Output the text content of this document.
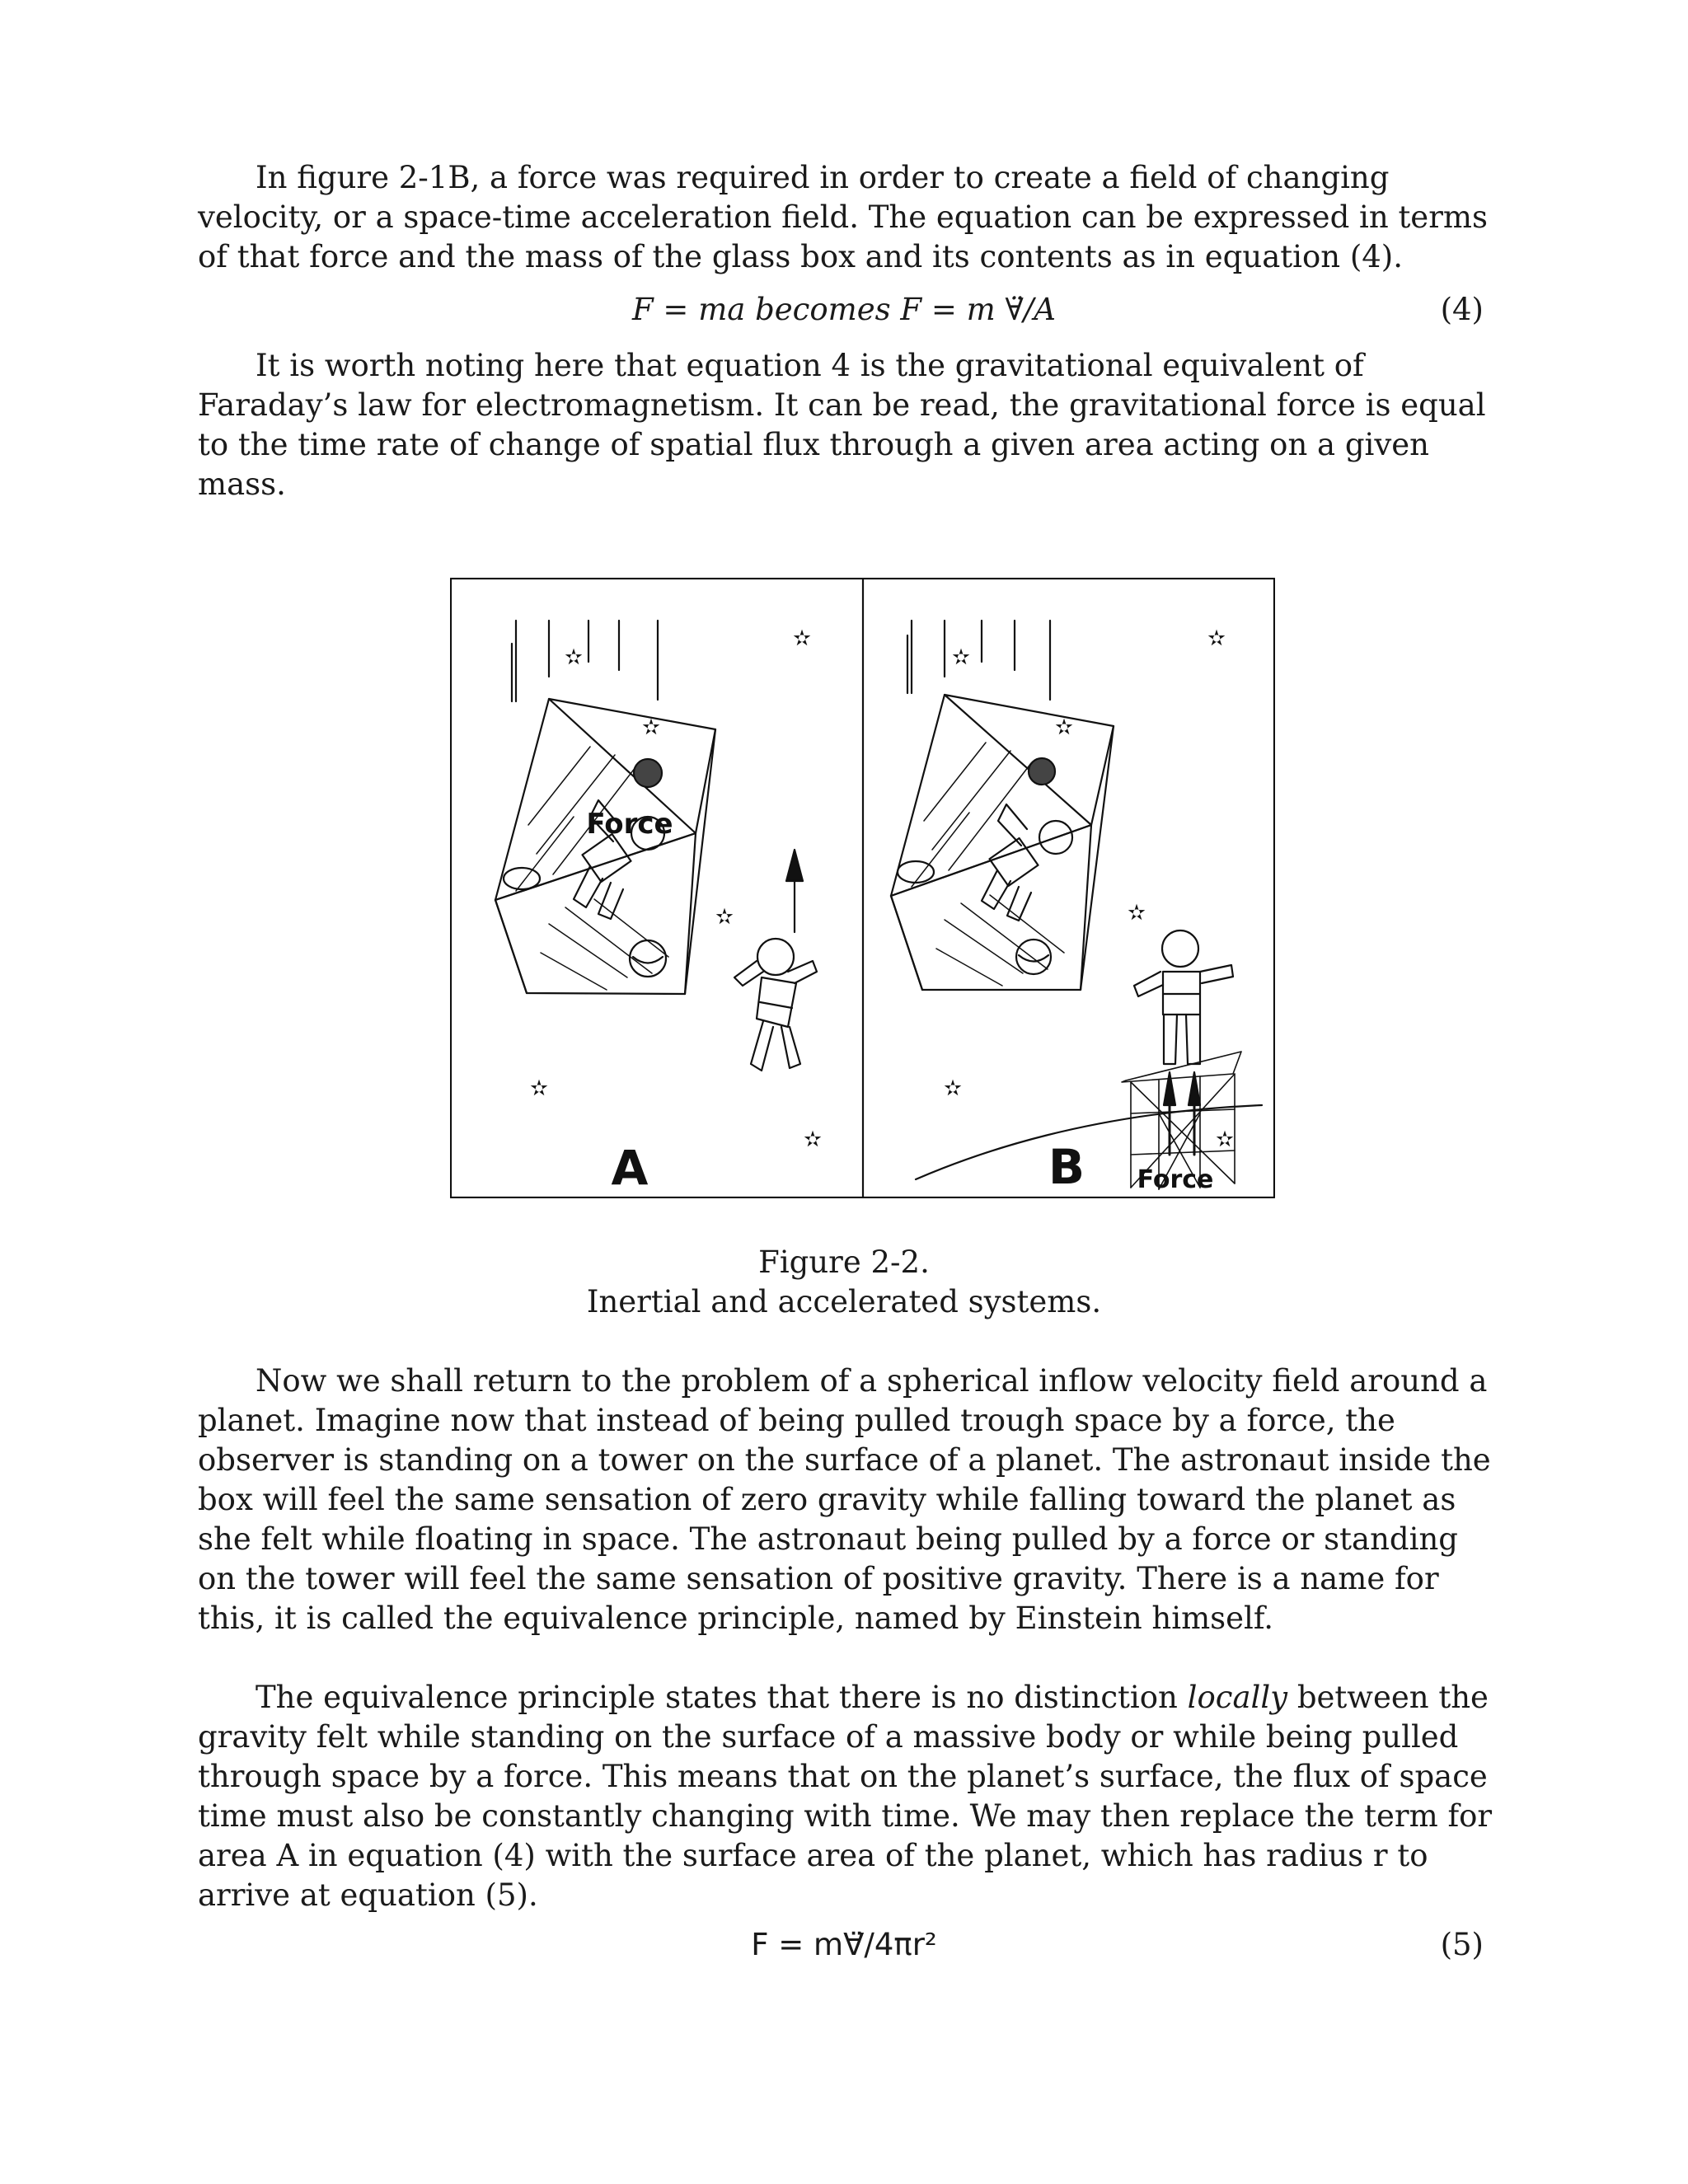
In figure 2-1B, a force was required in order to create a field of changing
velocity, or a space-time acceleration field. The equation can be expressed in terms
of that force and the mass of the glass box and its contents as in equation (4).
F = ma becomes F = m ∀̈/A	(4)
It is worth noting here that equation 4 is the gravitational equivalent of
Faraday’s law for electromagnetism. It can be read, the gravitational force is equal
to the time rate of change of spatial flux through a given area acting on a given
mass.
✫
✫
✫
✫
✫
✫
✫
✫
✫
✫
✫
✫
Force
A	B Force
Figure 2-2.
Inertial and accelerated systems.
Now we shall return to the problem of a spherical inflow velocity field around a
planet. Imagine now that instead of being pulled trough space by a force, the
observer is standing on a tower on the surface of a planet. The astronaut inside the
box will feel the same sensation of zero gravity while falling toward the planet as
she felt while floating in space. The astronaut being pulled by a force or standing
on the tower will feel the same sensation of positive gravity. There is a name for
this, it is called the equivalence principle, named by Einstein himself.
The equivalence principle states that there is no distinction locally between the
gravity felt while standing on the surface of a massive body or while being pulled
through space by a force. This means that on the planet’s surface, the flux of space
time must also be constantly changing with time. We may then replace the term for
area A in equation (4) with the surface area of the planet, which has radius r to
arrive at equation (5).
F = m∀̈/4πr²	(5)
